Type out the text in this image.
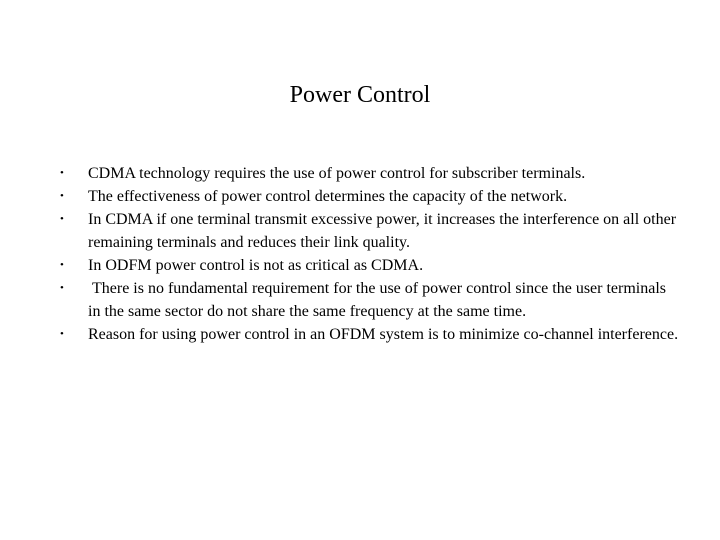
Power Control
•	CDMA technology requires the use of power control for subscriber terminals.
•	The effectiveness of power control determines the capacity of the network.
•	In CDMA if one terminal transmit excessive power, it increases the interference on all other remaining terminals and reduces their link quality.
•	In ODFM power control is not as critical as CDMA.
•	There is no fundamental requirement for the use of power control since the user terminals in the same sector do not share the same frequency at the same time.
•	Reason for using power control in an OFDM system is to minimize co-channel interference.
